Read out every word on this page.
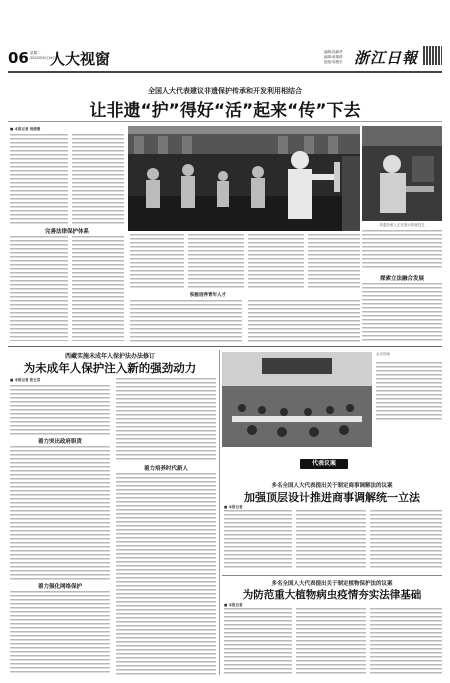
06 星期二
2024年8月16日
人大视窗	编辑:周颖华
编辑:戚倩倩
组版:周俊宏 浙江日報
全国人大代表建议非遗保护传承和开发利用相结合
让非遗“护”得好“活”起来“传”下去
■ 本报记者 周倩倩
完善法律保护体系
积极培养青年人才
非遗传承人正在展示传统技艺
探索立法融合发展
西藏实施未成年人保护法办法修订
为未成年人保护注入新的强劲动力
■ 本报记者 张五常
着力突出政府职责
着力强化网络保护
着力培养时代新人
会议现场
代表议案
多名全国人大代表提出关于制定商事调解法的议案
加强顶层设计推进商事调解统一立法
■ 本报记者
多名全国人大代表提出关于制定植物保护法的议案
为防范重大植物病虫疫情夯实法律基础
■ 本报记者
